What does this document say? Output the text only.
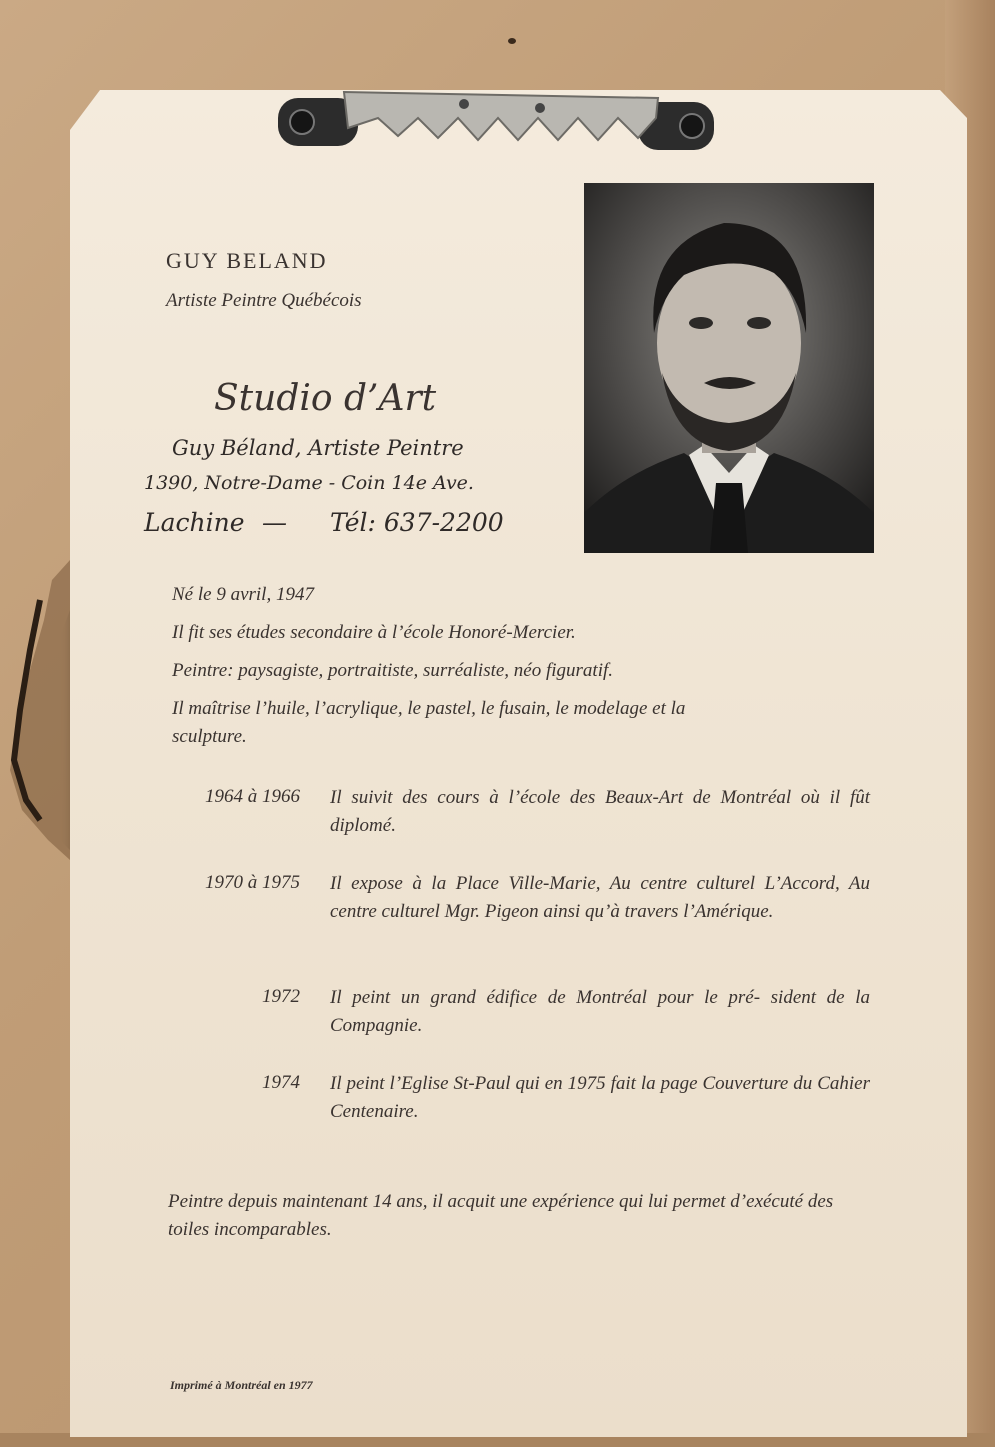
GUY BELAND
Artiste Peintre Québécois
Studio d’Art
Guy Béland, Artiste Peintre
1390, Notre-Dame - Coin 14e Ave.
Lachine — Tél: 637-2200
Né le 9 avril, 1947
Il fit ses études secondaire à l’école Honoré-Mercier.
Peintre: paysagiste, portraitiste, surréaliste, néo figuratif.
Il maîtrise l’huile, l’acrylique, le pastel, le fusain, le modelage et la
sculpture.
1964 à 1966 Il suivit des cours à l’école des Beaux-Art de Montréal où il fût diplomé.
1970 à 1975 Il expose à la Place Ville-Marie, Au centre culturel L’Accord, Au centre culturel Mgr. Pigeon ainsi qu’à travers l’Amérique.
1972 Il peint un grand édifice de Montréal pour le pré- sident de la Compagnie.
1974 Il peint l’Eglise St-Paul qui en 1975 fait la page Couverture du Cahier Centenaire.
Peintre depuis maintenant 14 ans, il acquit une expérience qui lui permet d’exécuté des toiles incomparables.
Imprimé à Montréal en 1977
